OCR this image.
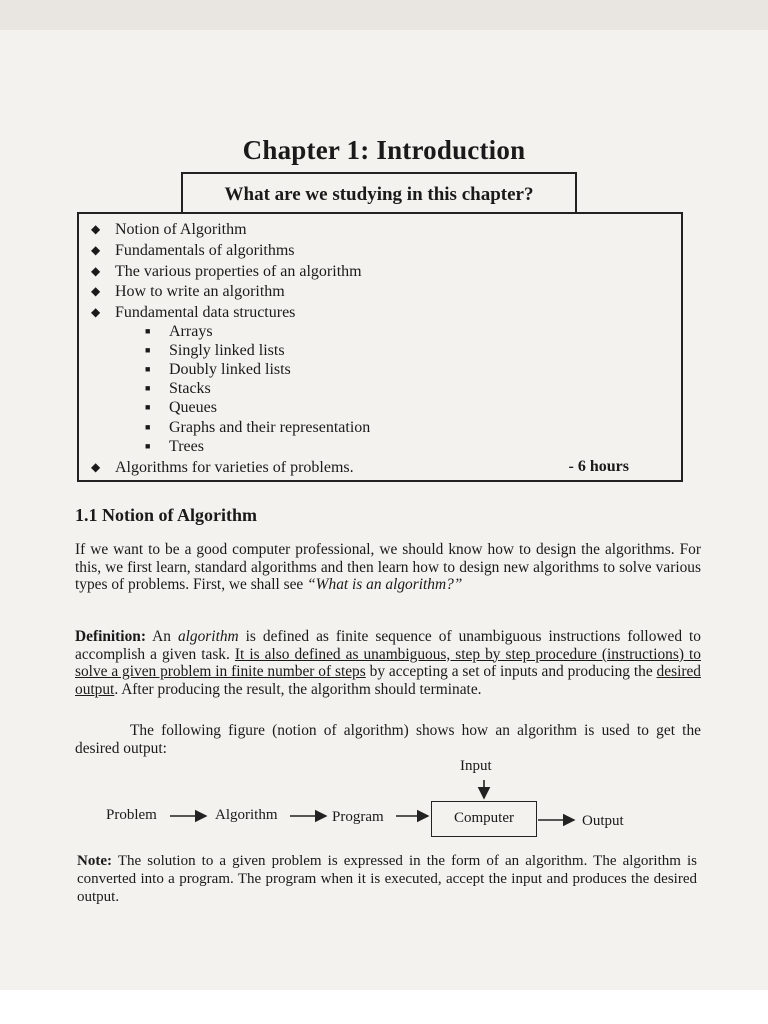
Chapter 1: Introduction
What are we studying in this chapter?
◆ Notion of Algorithm
◆ Fundamentals of algorithms
◆ The various properties of an algorithm
◆ How to write an algorithm
◆ Fundamental data structures
■ Arrays
■ Singly linked lists
■ Doubly linked lists
■ Stacks
■ Queues
■ Graphs and their representation
■ Trees
◆ Algorithms for varieties of problems.	- 6 hours
1.1 Notion of Algorithm
If we want to be a good computer professional, we should know how to design the algorithms. For this, we first learn, standard algorithms and then learn how to design new algorithms to solve various types of problems. First, we shall see “What is an algorithm?”
Definition: An algorithm is defined as finite sequence of unambiguous instructions followed to accomplish a given task. It is also defined as unambiguous, step by step procedure (instructions) to solve a given problem in finite number of steps by accepting a set of inputs and producing the desired output. After producing the result, the algorithm should terminate.
The following figure (notion of algorithm) shows how an algorithm is used to get the desired output:
Input
Problem	Algorithm	Program	Computer	Output
Note: The solution to a given problem is expressed in the form of an algorithm. The algorithm is converted into a program. The program when it is executed, accept the input and produces the desired output.
